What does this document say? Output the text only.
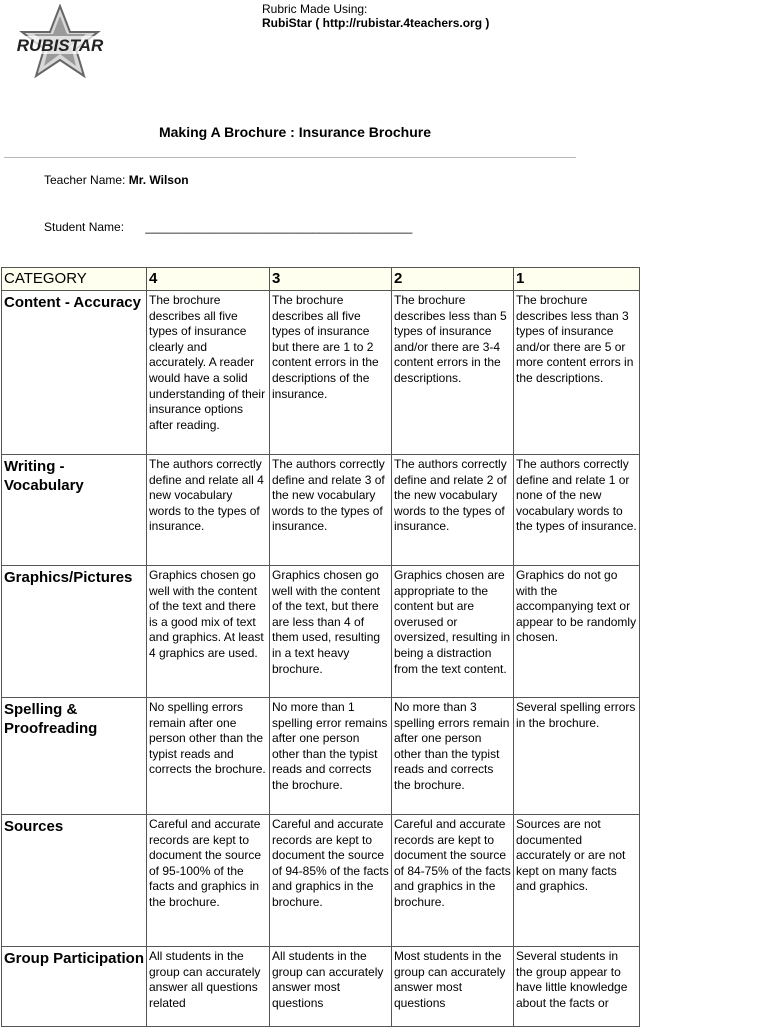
RUBISTAR
Rubric Made Using:
RubiStar ( http://rubistar.4teachers.org )
Making A Brochure : Insurance Brochure
Teacher Name: Mr. Wilson
Student Name: ________________________________________
CATEGORY	4	3	2	1
Content - Accuracy	The brochure describes all five types of insurance clearly and accurately. A reader would have a solid understanding of their insurance options after reading.	The brochure describes all five types of insurance but there are 1 to 2 content errors in the descriptions of the insurance.	The brochure describes less than 5 types of insurance and/or there are 3-4 content errors in the descriptions.	The brochure describes less than 3 types of insurance and/or there are 5 or more content errors in the descriptions.
Writing - Vocabulary	The authors correctly define and relate all 4 new vocabulary words to the types of insurance.	The authors correctly define and relate 3 of the new vocabulary words to the types of insurance.	The authors correctly define and relate 2 of the new vocabulary words to the types of insurance.	The authors correctly define and relate 1 or none of the new vocabulary words to the types of insurance.
Graphics/Pictures	Graphics chosen go well with the content of the text and there is a good mix of text and graphics. At least 4 graphics are used.	Graphics chosen go well with the content of the text, but there are less than 4 of them used, resulting in a text heavy brochure.	Graphics chosen are appropriate to the content but are overused or oversized, resulting in being a distraction from the text content.	Graphics do not go with the accompanying text or appear to be randomly chosen.
Spelling & Proofreading	No spelling errors remain after one person other than the typist reads and corrects the brochure.	No more than 1 spelling error remains after one person other than the typist reads and corrects the brochure.	No more than 3 spelling errors remain after one person other than the typist reads and corrects the brochure.	Several spelling errors in the brochure.
Sources	Careful and accurate records are kept to document the source of 95-100% of the facts and graphics in the brochure.	Careful and accurate records are kept to document the source of 94-85% of the facts and graphics in the brochure.	Careful and accurate records are kept to document the source of 84-75% of the facts and graphics in the brochure.	Sources are not documented accurately or are not kept on many facts and graphics.
Group Participation	All students in the group can accurately answer all questions related	All students in the group can accurately answer most questions	Most students in the group can accurately answer most questions	Several students in the group appear to have little knowledge about the facts or
